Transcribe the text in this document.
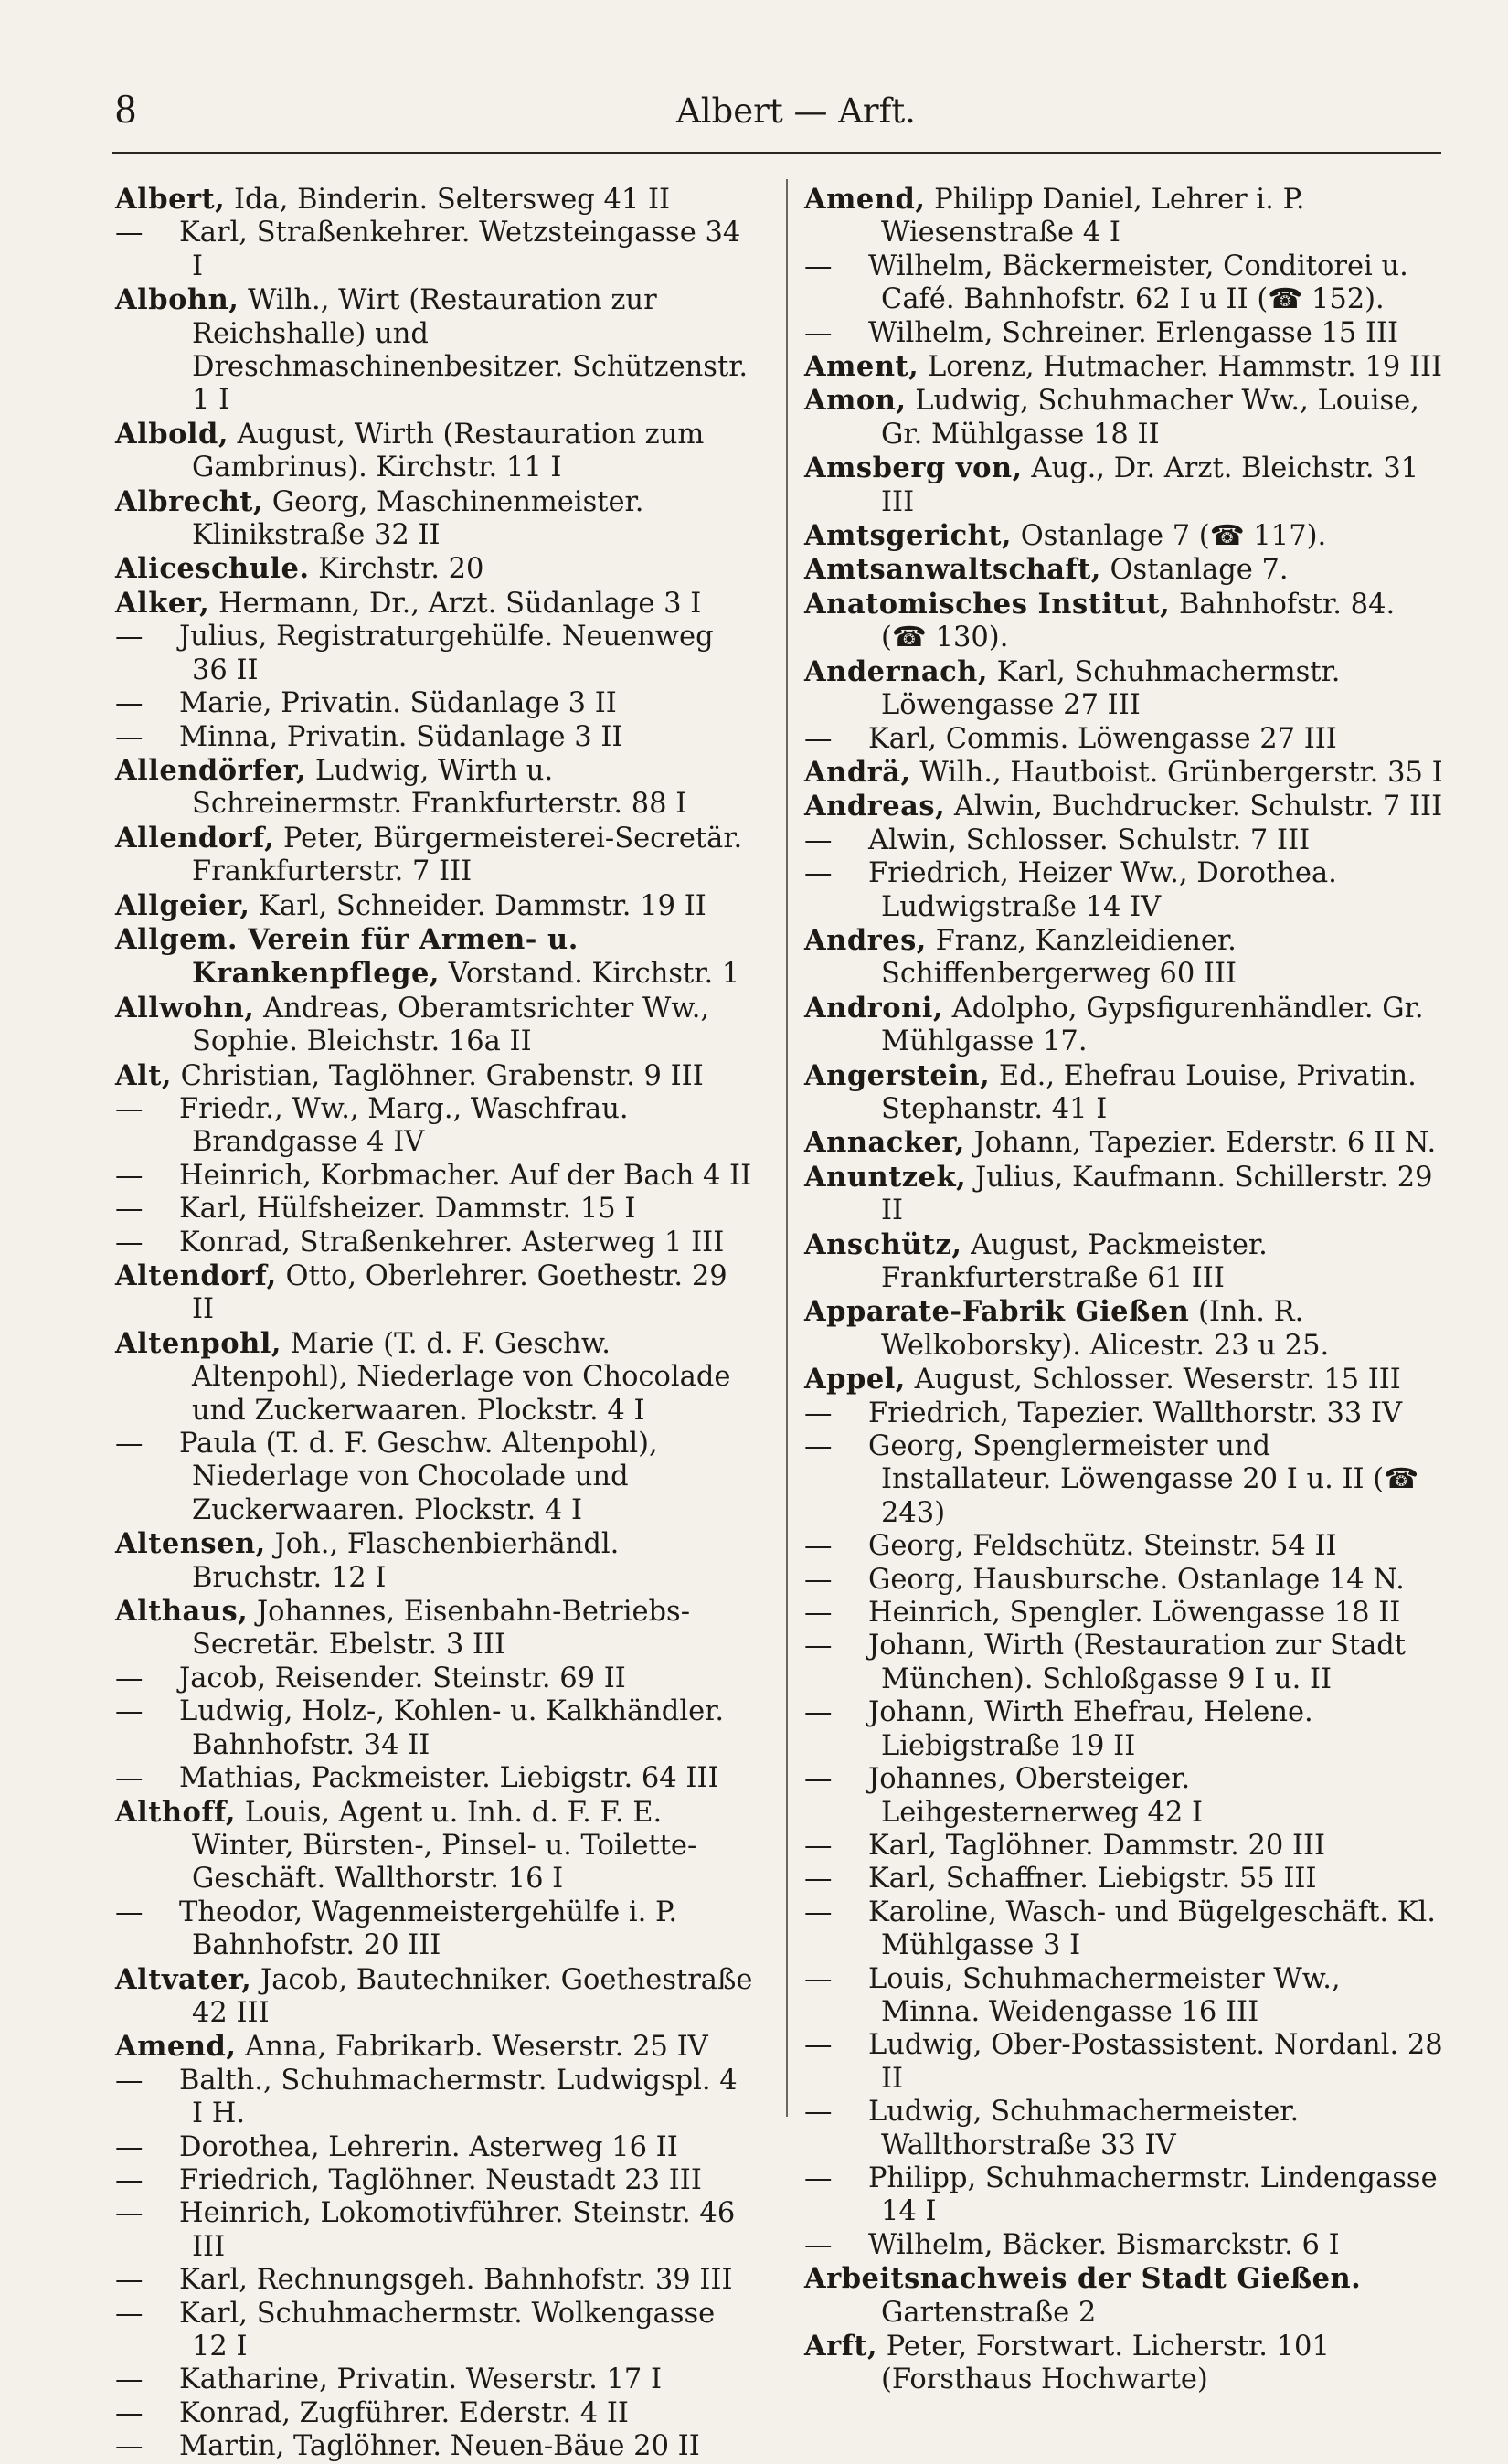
8	Albert — Arft.
Albert, Ida, Binderin. Seltersweg 41 II
— Karl, Straßenkehrer. Wetzsteingasse 34 I
Albohn, Wilh., Wirt (Restauration zur Reichshalle) und Dreschmaschinenbesitzer. Schützenstr. 1 I
Albold, August, Wirth (Restauration zum Gambrinus). Kirchstr. 11 I
Albrecht, Georg, Maschinenmeister. Klinikstraße 32 II
Aliceschule. Kirchstr. 20
Alker, Hermann, Dr., Arzt. Südanlage 3 I
— Julius, Registraturgehülfe. Neuenweg 36 II
— Marie, Privatin. Südanlage 3 II
— Minna, Privatin. Südanlage 3 II
Allendörfer, Ludwig, Wirth u. Schreinermstr. Frankfurterstr. 88 I
Allendorf, Peter, Bürgermeisterei-Secretär. Frankfurterstr. 7 III
Allgeier, Karl, Schneider. Dammstr. 19 II
Allgem. Verein für Armen- u. Krankenpflege, Vorstand. Kirchstr. 1
Allwohn, Andreas, Oberamtsrichter Ww., Sophie. Bleichstr. 16a II
Alt, Christian, Taglöhner. Grabenstr. 9 III
— Friedr., Ww., Marg., Waschfrau. Brandgasse 4 IV
— Heinrich, Korbmacher. Auf der Bach 4 II
— Karl, Hülfsheizer. Dammstr. 15 I
— Konrad, Straßenkehrer. Asterweg 1 III
Altendorf, Otto, Oberlehrer. Goethestr. 29 II
Altenpohl, Marie (T. d. F. Geschw. Altenpohl), Niederlage von Chocolade und Zuckerwaaren. Plockstr. 4 I
— Paula (T. d. F. Geschw. Altenpohl), Niederlage von Chocolade und Zuckerwaaren. Plockstr. 4 I
Altensen, Joh., Flaschenbierhändl. Bruchstr. 12 I
Althaus, Johannes, Eisenbahn-Betriebs-Secretär. Ebelstr. 3 III
— Jacob, Reisender. Steinstr. 69 II
— Ludwig, Holz-, Kohlen- u. Kalkhändler. Bahnhofstr. 34 II
— Mathias, Packmeister. Liebigstr. 64 III
Althoff, Louis, Agent u. Inh. d. F. F. E. Winter, Bürsten-, Pinsel- u. Toilette-Geschäft. Wallthorstr. 16 I
— Theodor, Wagenmeistergehülfe i. P. Bahnhofstr. 20 III
Altvater, Jacob, Bautechniker. Goethestraße 42 III
Amend, Anna, Fabrikarb. Weserstr. 25 IV
— Balth., Schuhmachermstr. Ludwigspl. 4 I H.
— Dorothea, Lehrerin. Asterweg 16 II
— Friedrich, Taglöhner. Neustadt 23 III
— Heinrich, Lokomotivführer. Steinstr. 46 III
— Karl, Rechnungsgeh. Bahnhofstr. 39 III
— Karl, Schuhmachermstr. Wolkengasse 12 I
— Katharine, Privatin. Weserstr. 17 I
— Konrad, Zugführer. Ederstr. 4 II
— Martin, Taglöhner. Neuen-Bäue 20 II
Amend, Philipp Daniel, Lehrer i. P. Wiesenstraße 4 I
— Wilhelm, Bäckermeister, Conditorei u. Café. Bahnhofstr. 62 I u II (☎ 152).
— Wilhelm, Schreiner. Erlengasse 15 III
Ament, Lorenz, Hutmacher. Hammstr. 19 III
Amon, Ludwig, Schuhmacher Ww., Louise, Gr. Mühlgasse 18 II
Amsberg von, Aug., Dr. Arzt. Bleichstr. 31 III
Amtsgericht, Ostanlage 7 (☎ 117).
Amtsanwaltschaft, Ostanlage 7.
Anatomisches Institut, Bahnhofstr. 84. (☎ 130).
Andernach, Karl, Schuhmachermstr. Löwengasse 27 III
— Karl, Commis. Löwengasse 27 III
Andrä, Wilh., Hautboist. Grünbergerstr. 35 I
Andreas, Alwin, Buchdrucker. Schulstr. 7 III
— Alwin, Schlosser. Schulstr. 7 III
— Friedrich, Heizer Ww., Dorothea. Ludwigstraße 14 IV
Andres, Franz, Kanzleidiener. Schiffenbergerweg 60 III
Androni, Adolpho, Gypsfigurenhändler. Gr. Mühlgasse 17.
Angerstein, Ed., Ehefrau Louise, Privatin. Stephanstr. 41 I
Annacker, Johann, Tapezier. Ederstr. 6 II N.
Anuntzek, Julius, Kaufmann. Schillerstr. 29 II
Anschütz, August, Packmeister. Frankfurterstraße 61 III
Apparate-Fabrik Gießen (Inh. R. Welkoborsky). Alicestr. 23 u 25.
Appel, August, Schlosser. Weserstr. 15 III
— Friedrich, Tapezier. Wallthorstr. 33 IV
— Georg, Spenglermeister und Installateur. Löwengasse 20 I u. II (☎ 243)
— Georg, Feldschütz. Steinstr. 54 II
— Georg, Hausbursche. Ostanlage 14 N.
— Heinrich, Spengler. Löwengasse 18 II
— Johann, Wirth (Restauration zur Stadt München). Schloßgasse 9 I u. II
— Johann, Wirth Ehefrau, Helene. Liebigstraße 19 II
— Johannes, Obersteiger. Leihgesternerweg 42 I
— Karl, Taglöhner. Dammstr. 20 III
— Karl, Schaffner. Liebigstr. 55 III
— Karoline, Wasch- und Bügelgeschäft. Kl. Mühlgasse 3 I
— Louis, Schuhmachermeister Ww., Minna. Weidengasse 16 III
— Ludwig, Ober-Postassistent. Nordanl. 28 II
— Ludwig, Schuhmachermeister. Wallthorstraße 33 IV
— Philipp, Schuhmachermstr. Lindengasse 14 I
— Wilhelm, Bäcker. Bismarckstr. 6 I
Arbeitsnachweis der Stadt Gießen. Gartenstraße 2
Arft, Peter, Forstwart. Licherstr. 101 (Forsthaus Hochwarte)
